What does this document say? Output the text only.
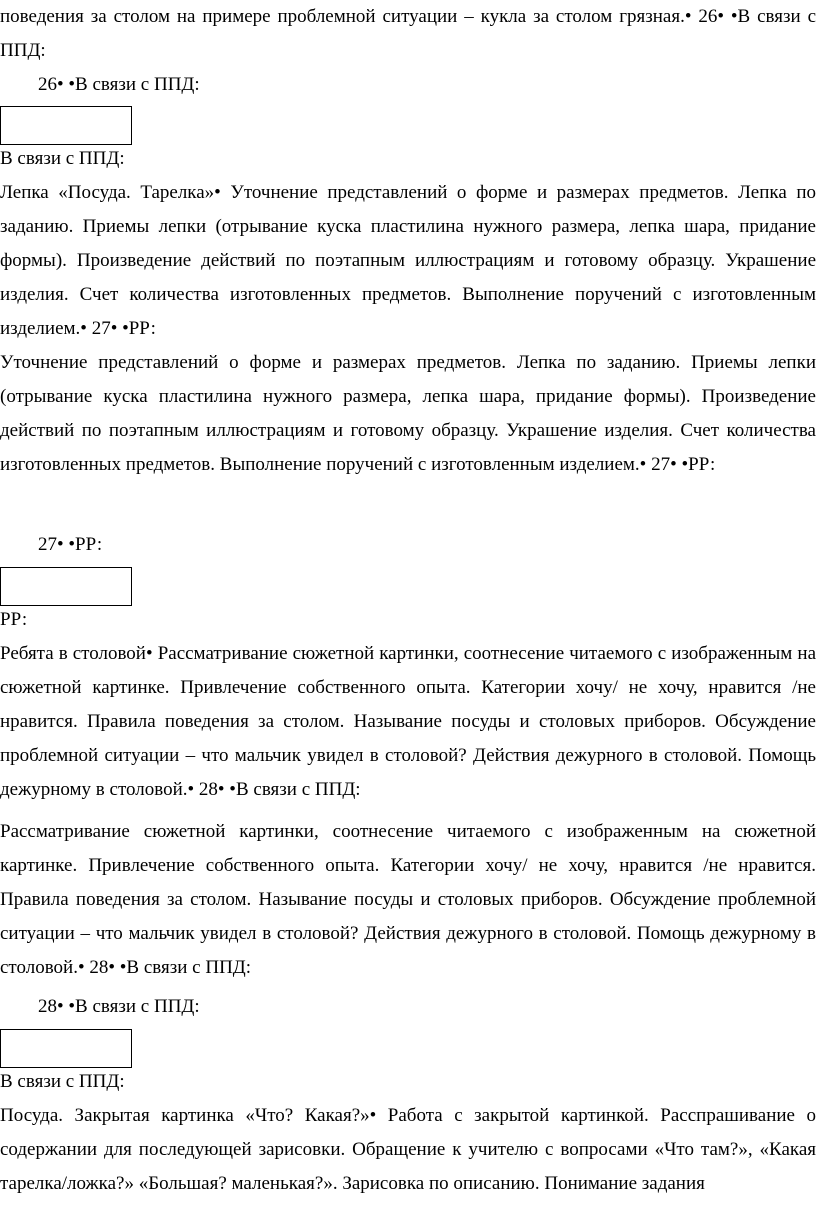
поведения за столом на примере проблемной ситуации – кукла за столом грязная.• 26• •В связи с ППД:

26• •В связи с ППД:

В связи с ППД:

Лепка «Посуда. Тарелка»• Уточнение представлений о форме и размерах предметов. Лепка по заданию. Приемы лепки (отрывание куска пластилина нужного размера, лепка шара, придание формы). Произведение действий по поэтапным иллюстрациям и готовому образцу. Украшение изделия. Счет количества изготовленных предметов. Выполнение поручений с изготовленным изделием.• 27• •РР:

Уточнение представлений о форме и размерах предметов. Лепка по заданию. Приемы лепки (отрывание куска пластилина нужного размера, лепка шара, придание формы). Произведение действий по поэтапным иллюстрациям и готовому образцу. Украшение изделия. Счет количества изготовленных предметов. Выполнение поручений с изготовленным изделием.• 27• •РР:

27• •РР:

РР:

Ребята в столовой• Рассматривание сюжетной картинки, соотнесение читаемого с изображенным на сюжетной картинке. Привлечение собственного опыта. Категории хочу/ не хочу, нравится /не нравится. Правила поведения за столом. Называние посуды и столовых приборов. Обсуждение проблемной ситуации – что мальчик увидел в столовой? Действия дежурного в столовой. Помощь дежурному в столовой.• 28• •В связи с ППД:

Рассматривание сюжетной картинки, соотнесение читаемого с изображенным на сюжетной картинке. Привлечение собственного опыта. Категории хочу/ не хочу, нравится /не нравится. Правила поведения за столом. Называние посуды и столовых приборов. Обсуждение проблемной ситуации – что мальчик увидел в столовой? Действия дежурного в столовой. Помощь дежурному в столовой.• 28• •В связи с ППД:

28• •В связи с ППД:

В связи с ППД:

Посуда. Закрытая картинка «Что? Какая?»• Работа с закрытой картинкой. Расспрашивание о содержании для последующей зарисовки. Обращение к учителю с вопросами «Что там?», «Какая тарелка/ложка?» «Большая? маленькая?». Зарисовка по описанию. Понимание задания
